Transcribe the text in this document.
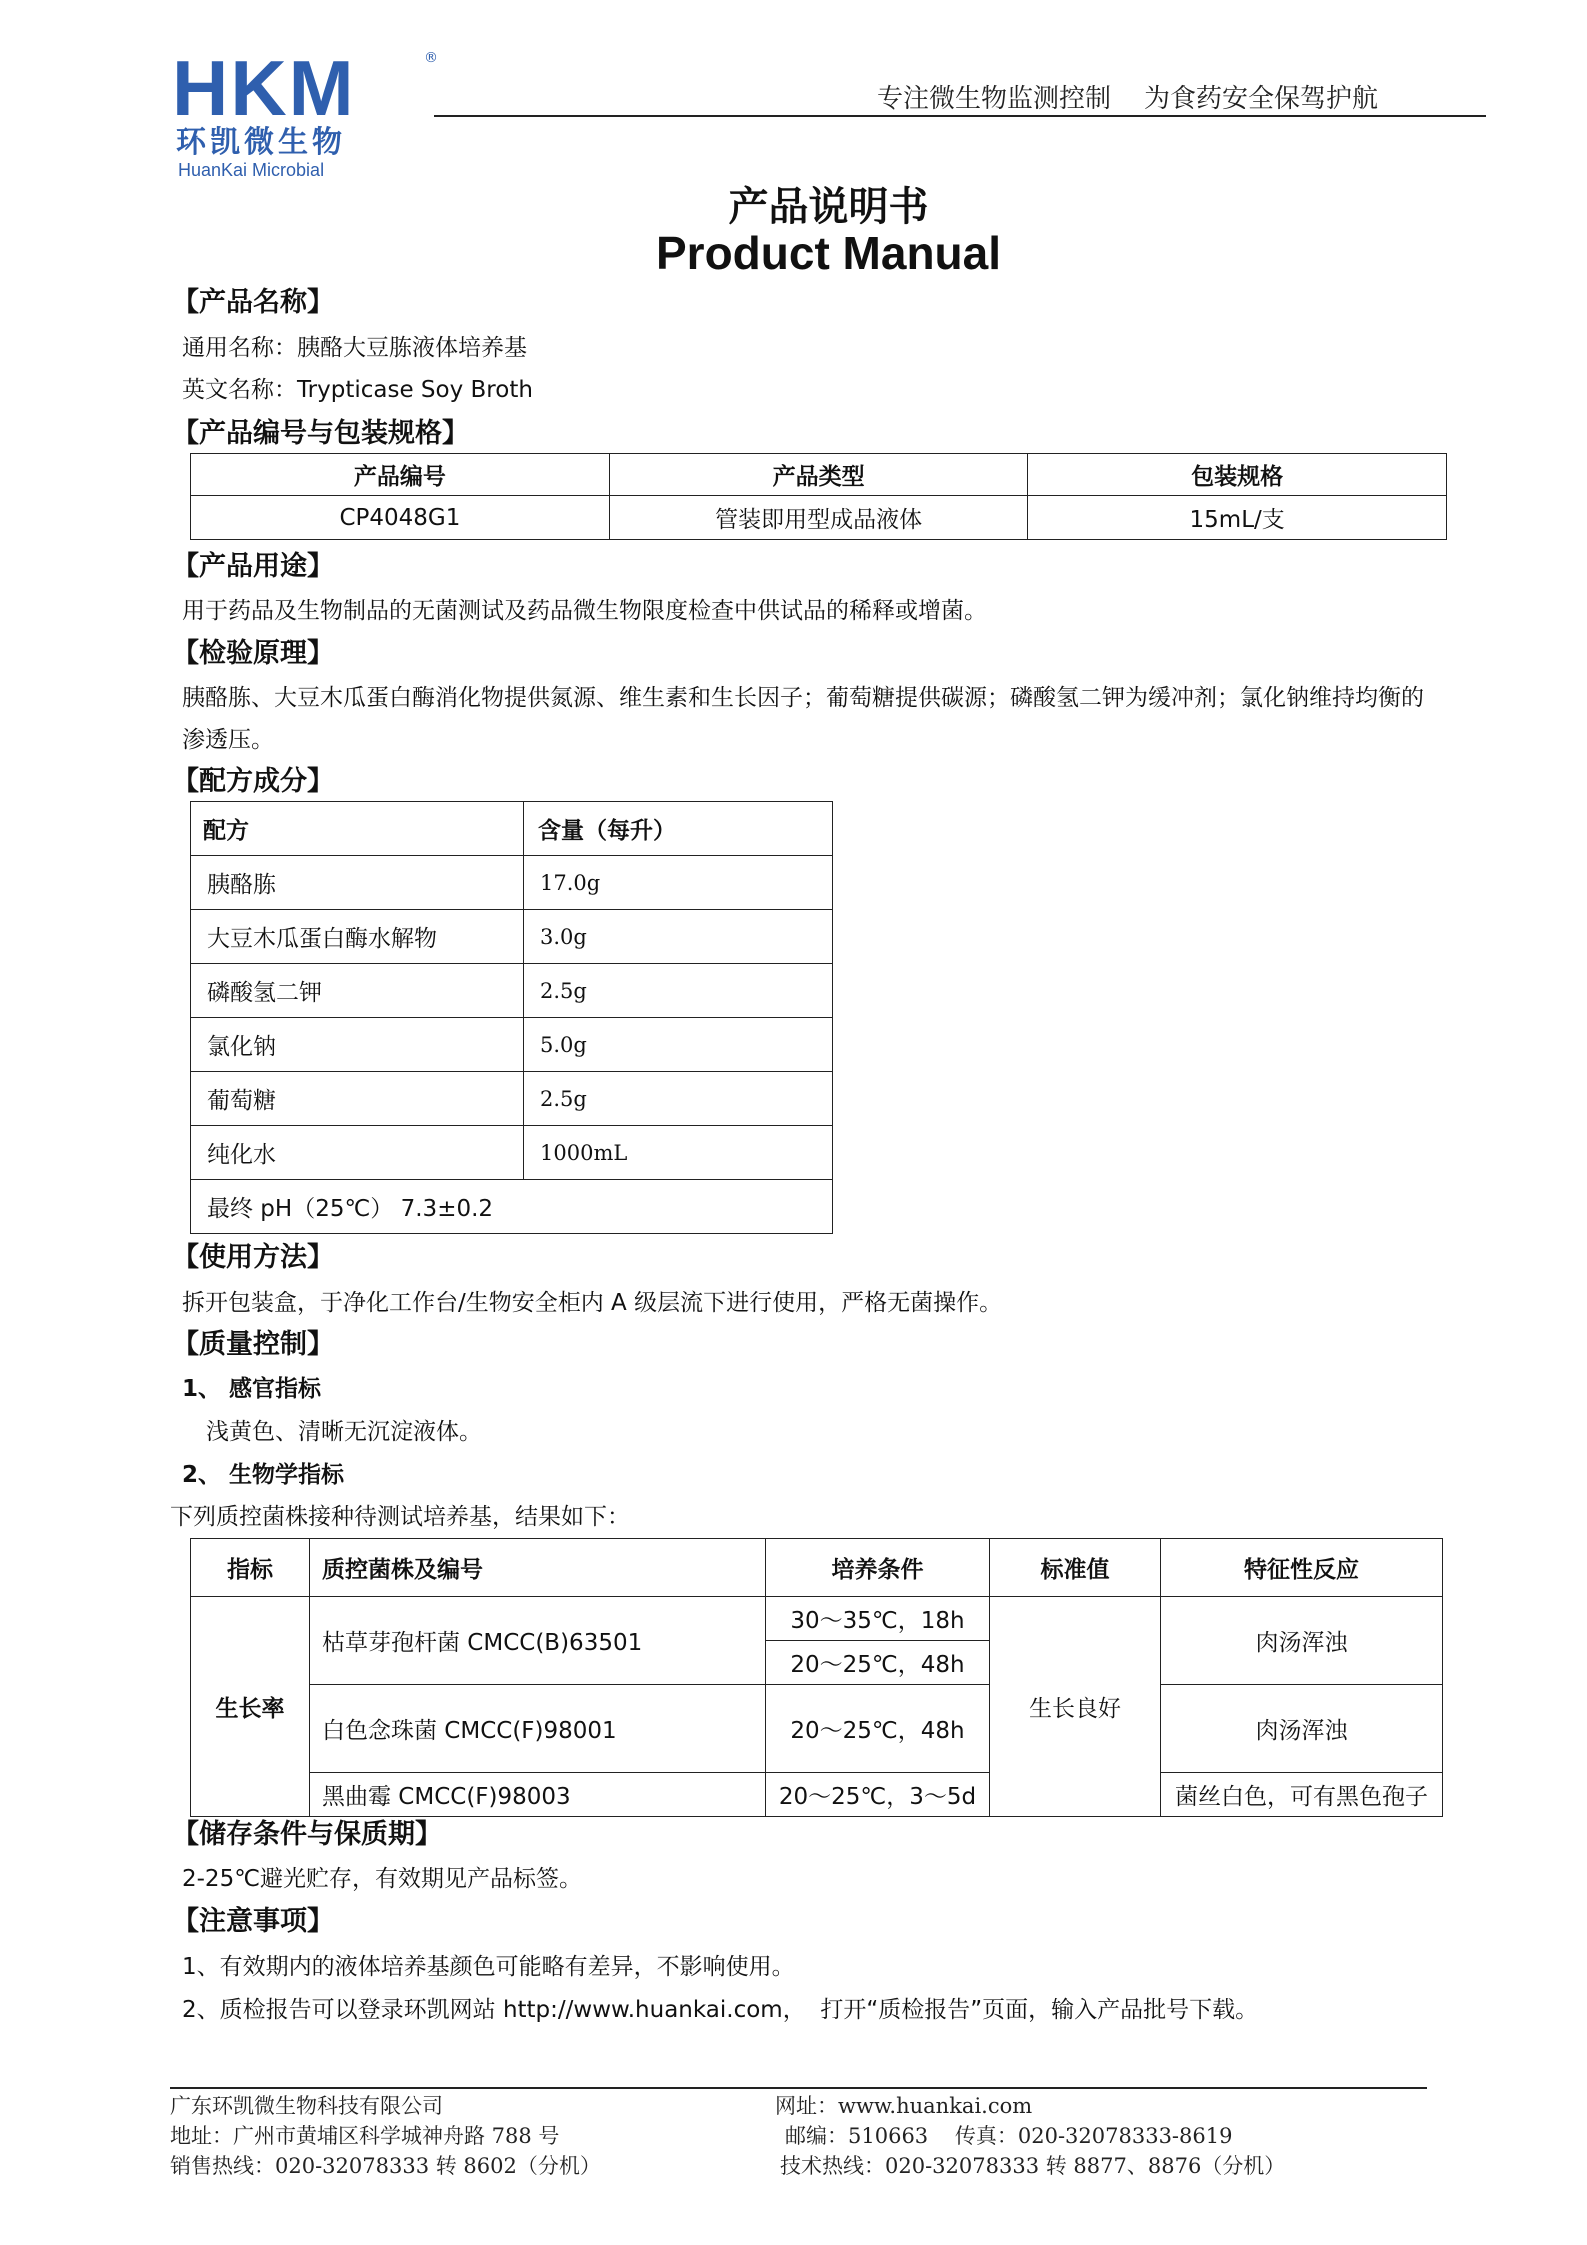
HKM	®
环凯微生物
HuanKai Microbial
专注微生物监测控制    为食药安全保驾护航
产品说明书
Product Manual
【产品名称】
通用名称：胰酪大豆胨液体培养基
英文名称：Trypticase Soy Broth
【产品编号与包装规格】
产品编号	产品类型	包装规格
CP4048G1	管装即用型成品液体	15mL/支
【产品用途】
用于药品及生物制品的无菌测试及药品微生物限度检查中供试品的稀释或增菌。
【检验原理】
胰酪胨、大豆木瓜蛋白酶消化物提供氮源、维生素和生长因子；葡萄糖提供碳源；磷酸氢二钾为缓冲剂；氯化钠维持均衡的
渗透压。
【配方成分】
配方	含量（每升）
胰酪胨	17.0g
大豆木瓜蛋白酶水解物	3.0g
磷酸氢二钾	2.5g
氯化钠	5.0g
葡萄糖	2.5g
纯化水	1000mL
最终 pH（25℃） 7.3±0.2	
【使用方法】
拆开包装盒，于净化工作台/生物安全柜内 A 级层流下进行使用，严格无菌操作。
【质量控制】
1、 感官指标
浅黄色、清晰无沉淀液体。
2、 生物学指标
下列质控菌株接种待测试培养基，结果如下：
指标	质控菌株及编号	培养条件	标准值	特征性反应
生长率	枯草芽孢杆菌 CMCC(B)63501	30～35℃，18h	生长良好	肉汤浑浊
		20～25℃，48h		
	白色念珠菌 CMCC(F)98001	20～25℃，48h		肉汤浑浊
	黑曲霉 CMCC(F)98003	20～25℃，3～5d		菌丝白色，可有黑色孢子
【储存条件与保质期】
2-25℃避光贮存，有效期见产品标签。
【注意事项】
1、有效期内的液体培养基颜色可能略有差异，不影响使用。
2、质检报告可以登录环凯网站 http://www.huankai.com，  打开“质检报告”页面，输入产品批号下载。
广东环凯微生物科技有限公司
地址：广州市黄埔区科学城神舟路 788 号
销售热线：020-32078333 转 8602（分机）
网址：www.huankai.com
邮编：510663    传真：020-32078333-8619
技术热线：020-32078333 转 8877、8876（分机）
